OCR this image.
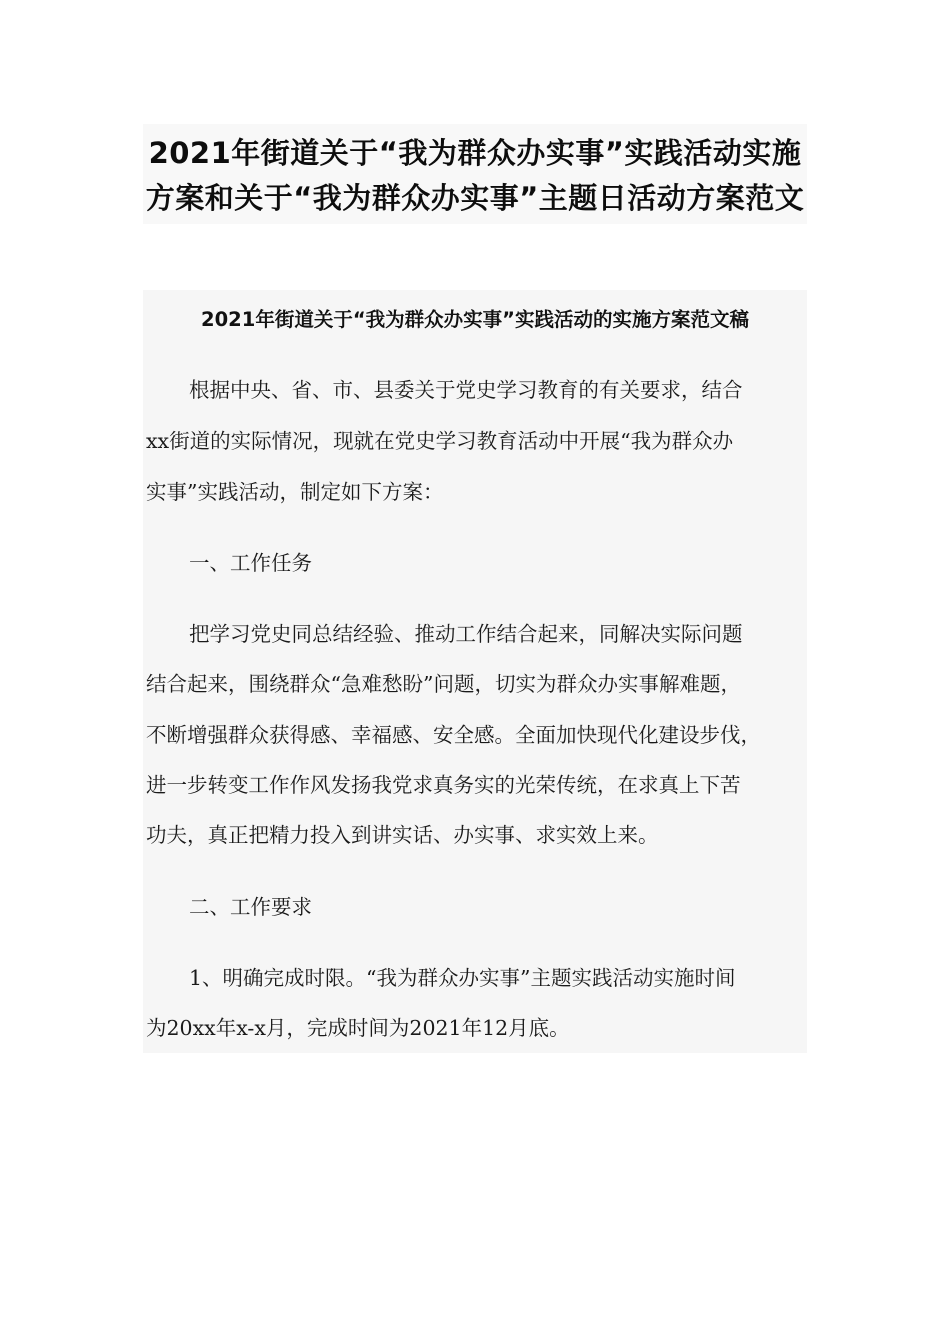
2021年街道关于“我为群众办实事”实践活动实施
方案和关于“我为群众办实事”主题日活动方案范文
2021年街道关于“我为群众办实事”实践活动的实施方案范文稿
根据中央、省、市、县委关于党史学习教育的有关要求，结合
xx街道的实际情况，现就在党史学习教育活动中开展“我为群众办
实事”实践活动，制定如下方案：
一、工作任务
把学习党史同总结经验、推动工作结合起来，同解决实际问题
结合起来，围绕群众“急难愁盼”问题，切实为群众办实事解难题，
不断增强群众获得感、幸福感、安全感。全面加快现代化建设步伐，
进一步转变工作作风发扬我党求真务实的光荣传统，在求真上下苦
功夫，真正把精力投入到讲实话、办实事、求实效上来。
二、工作要求
1、明确完成时限。“我为群众办实事”主题实践活动实施时间
为20xx年x-x月，完成时间为2021年12月底。
